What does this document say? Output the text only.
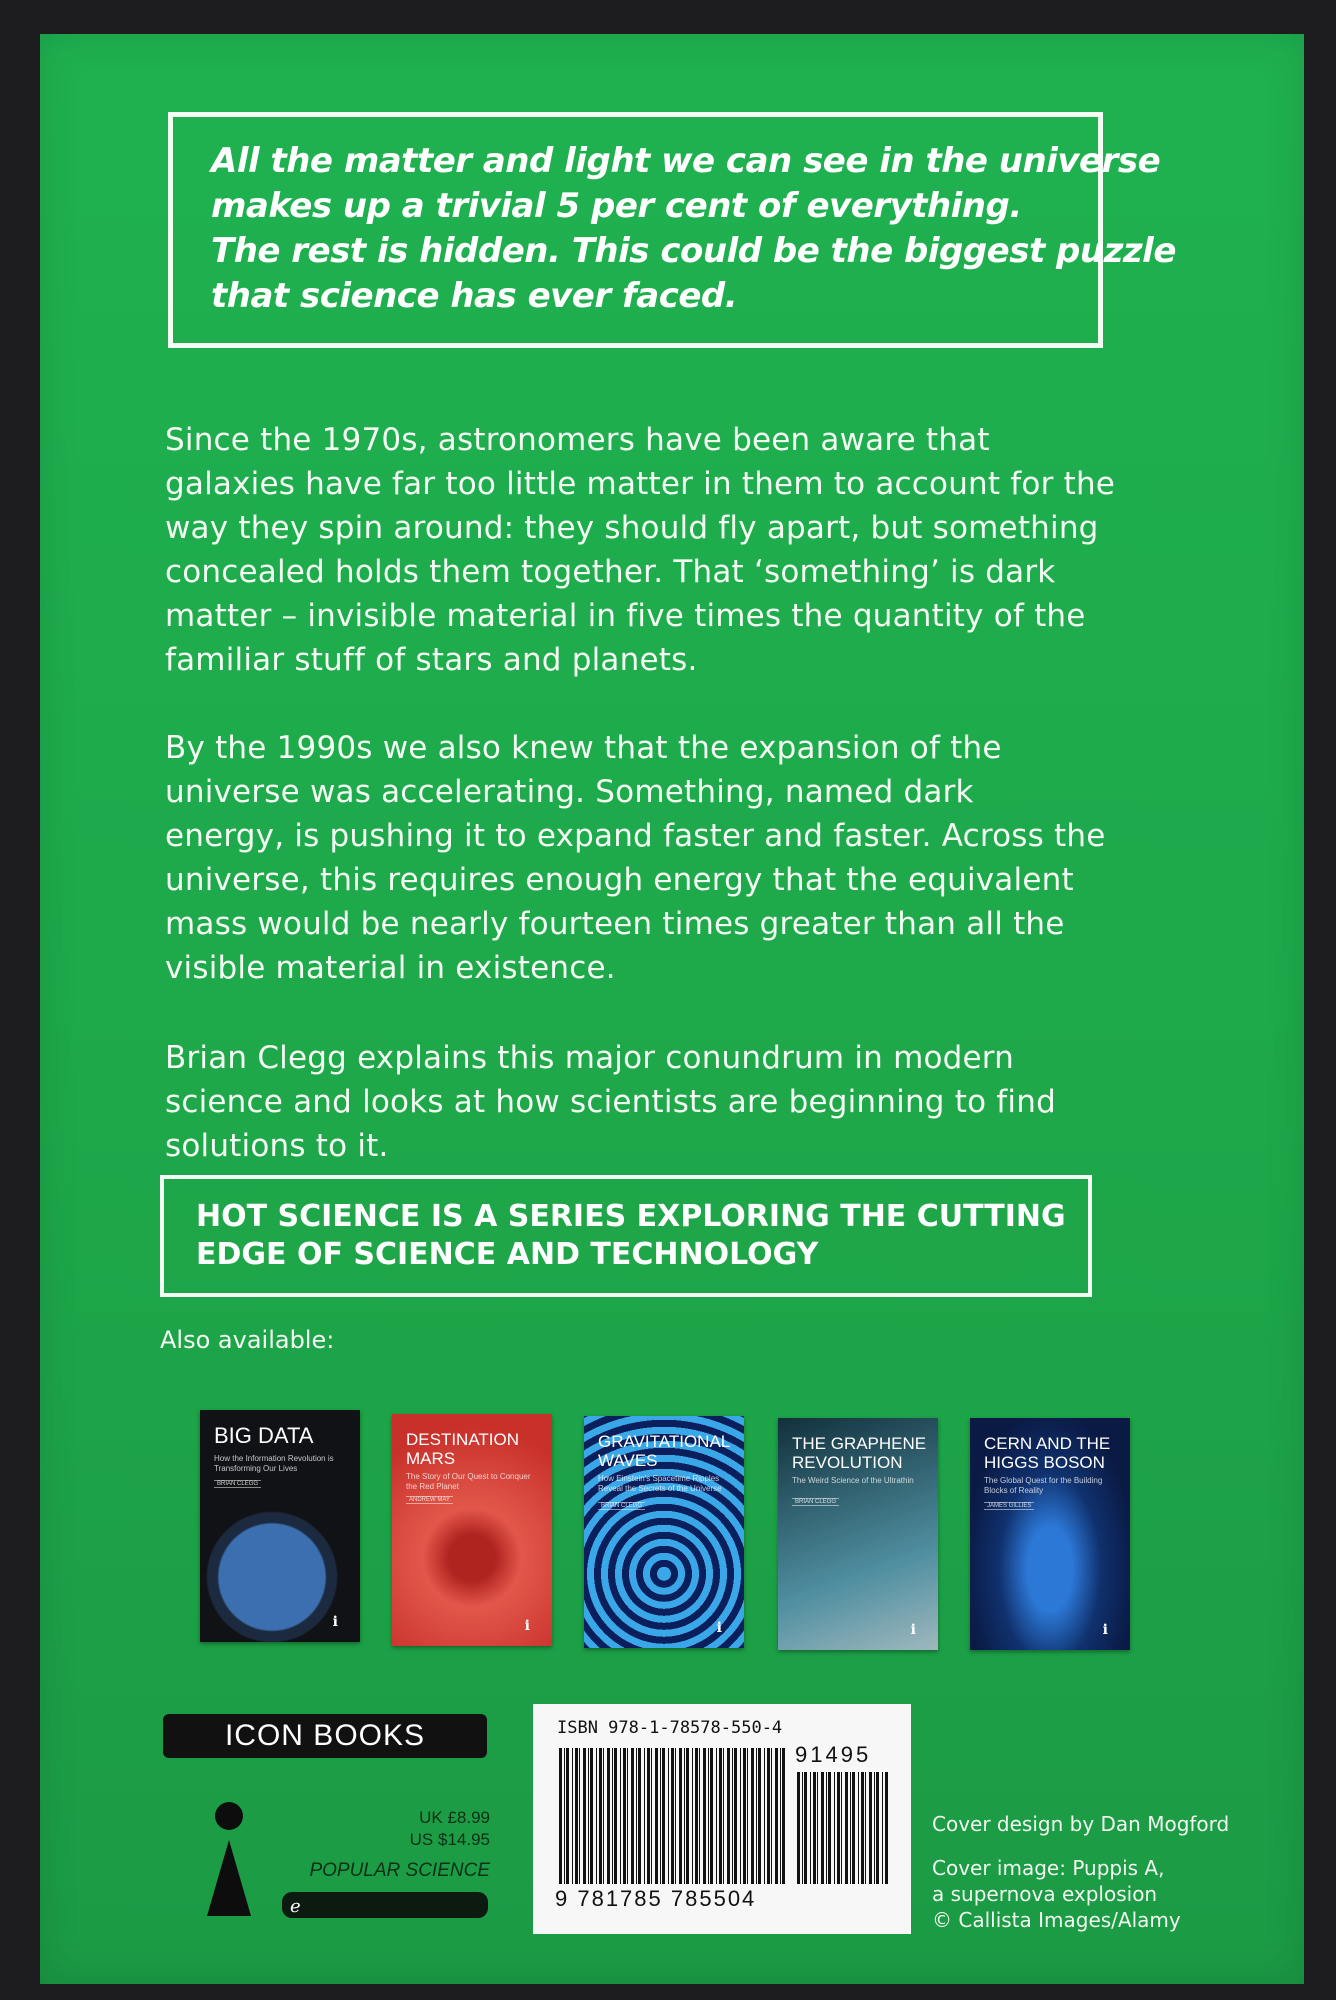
All the matter and light we can see in the universe
makes up a trivial 5 per cent of everything.
The rest is hidden. This could be the biggest puzzle
that science has ever faced.
Since the 1970s, astronomers have been aware that
galaxies have far too little matter in them to account for the
way they spin around: they should fly apart, but something
concealed holds them together. That ‘something’ is dark
matter – invisible material in five times the quantity of the
familiar stuff of stars and planets.
By the 1990s we also knew that the expansion of the
universe was accelerating. Something, named dark
energy, is pushing it to expand faster and faster. Across the
universe, this requires enough energy that the equivalent
mass would be nearly fourteen times greater than all the
visible material in existence.
Brian Clegg explains this major conundrum in modern
science and looks at how scientists are beginning to find
solutions to it.
HOT SCIENCE IS A SERIES EXPLORING THE CUTTING
EDGE OF SCIENCE AND TECHNOLOGY
Also available:
BIG DATA
How the Information Revolution is Transforming Our Lives
BRIAN CLEGG
i
DESTINATION MARS
The Story of Our Quest to Conquer the Red Planet
ANDREW MAY
i
GRAVITATIONAL WAVES
How Einstein's Spacetime Ripples Reveal the Secrets of the Universe
BRIAN CLEGG
i
THE GRAPHENE REVOLUTION
The Weird Science of the Ultrathin
BRIAN CLEGG
i
CERN AND THE HIGGS BOSON
The Global Quest for the Building Blocks of Reality
JAMES GILLIES
i
ICON BOOKS
UK £8.99
US $14.95
POPULAR SCIENCE
e
ISBN 978-1-78578-550-4
91495
9 781785 785504
Cover design by Dan Mogford
Cover image: Puppis A,
a supernova explosion
© Callista Images/Alamy
